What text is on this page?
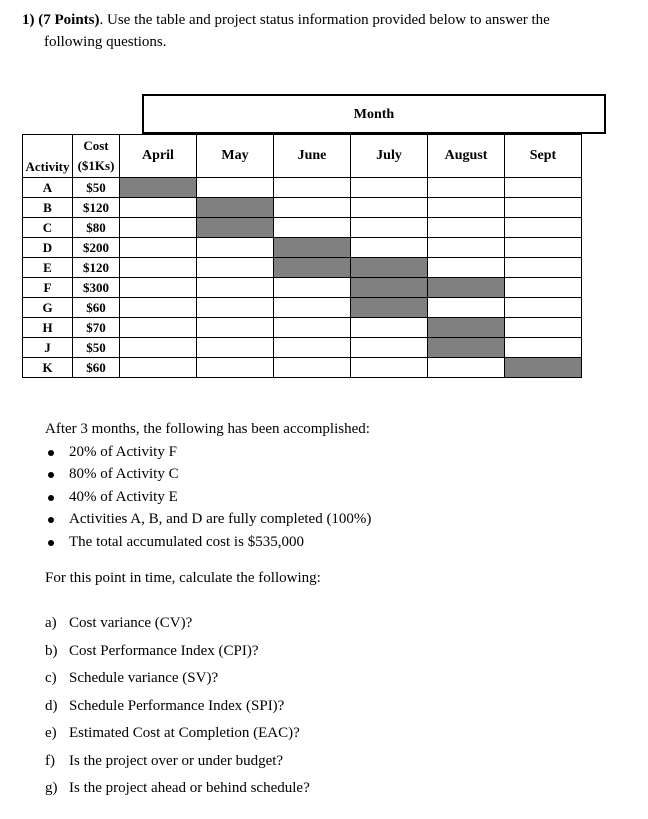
1) (7 Points). Use the table and project status information provided below to answer the
following questions.
Month
Activity	Cost
($1Ks)	April	May	June	July	August	Sept
A	$50						
B	$120						
C	$80						
D	$200						
E	$120						
F	$300						
G	$60						
H	$70						
J	$50						
K	$60						
After 3 months, the following has been accomplished:
20% of Activity F
80% of Activity C
40% of Activity E
Activities A, B, and D are fully completed (100%)
The total accumulated cost is $535,000
For this point in time, calculate the following:
a) Cost variance (CV)?
b) Cost Performance Index (CPI)?
c) Schedule variance (SV)?
d) Schedule Performance Index (SPI)?
e) Estimated Cost at Completion (EAC)?
f) Is the project over or under budget?
g) Is the project ahead or behind schedule?
